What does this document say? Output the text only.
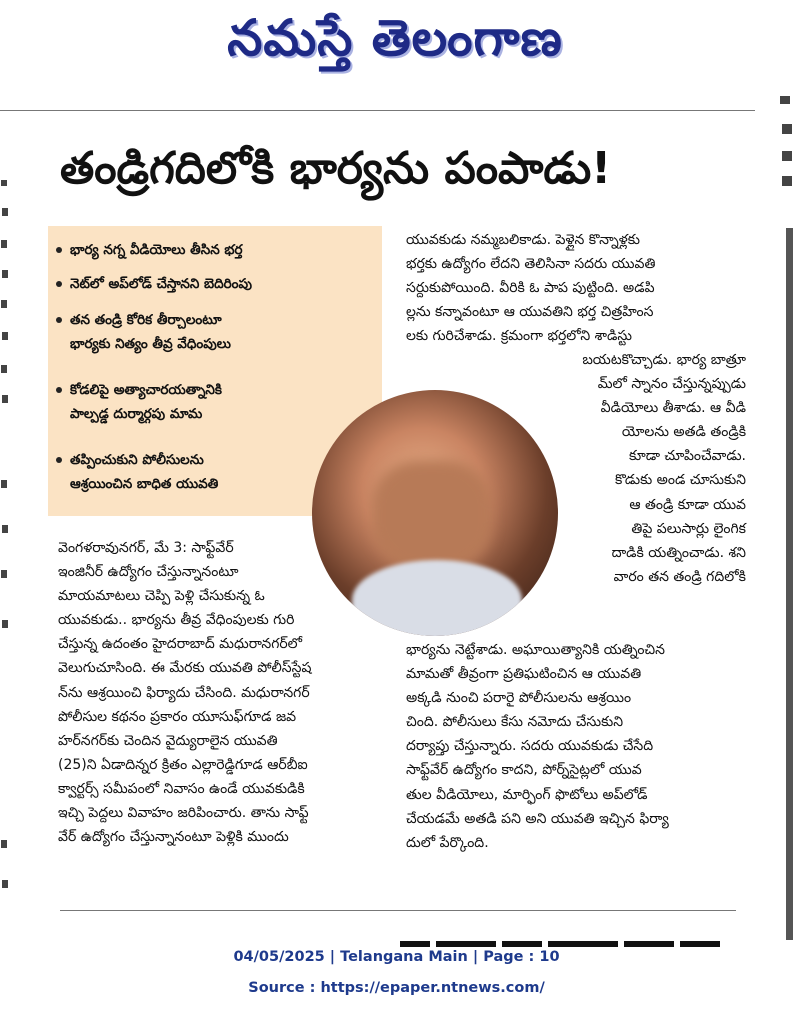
నమస్తే తెలంగాణ
తండ్రిగదిలోకి భార్యను పంపాడు!
భార్య నగ్న వీడియోలు తీసిన భర్త
నెట్‌లో అప్‌లోడ్ చేస్తానని బెదిరింపు
తన తండ్రి కోరిక తీర్చాలంటూ
భార్యకు నిత్యం తీవ్ర వేధింపులు
కోడలిపై అత్యాచారయత్నానికి
పాల్పడ్డ దుర్మార్గపు మామ
తప్పించుకుని పోలీసులను
ఆశ్రయించిన బాధిత యువతి

వెంగళరావునగర్, మే 3: సాఫ్ట్‌వేర్

ఇంజినీర్ ఉద్యోగం చేస్తున్నానంటూ

మాయమాటలు చెప్పి పెళ్లి చేసుకున్న ఓ

యువకుడు.. భార్యను తీవ్ర వేధింపులకు గురి

చేస్తున్న ఉదంతం హైదరాబాద్ మధురానగర్‌లో

వెలుగుచూసింది. ఈ మేరకు యువతి పోలీస్‌స్టేష

న్‌ను ఆశ్రయించి ఫిర్యాదు చేసింది. మధురానగర్

పోలీసుల కథనం ప్రకారం యూసుఫ్‌గూడ జవ

హర్‌నగర్‌కు చెందిన వైద్యురాలైన యువతి

(25)ని ఏడాదిన్నర క్రితం ఎల్లారెడ్డిగూడ ఆర్‌బీఐ

క్వార్టర్స్ సమీపంలో నివాసం ఉండే యువకుడికి

ఇచ్చి పెద్దలు వివాహం జరిపించారు. తాను సాఫ్ట్

వేర్ ఉద్యోగం చేస్తున్నానంటూ పెళ్లికి ముందు

యువకుడు నమ్మబలికాడు. పెళ్లైన కొన్నాళ్లకు

భర్తకు ఉద్యోగం లేదని తెలిసినా సదరు యువతి

సర్దుకుపోయింది. వీరికి ఓ పాప పుట్టింది. అడపి

ల్లను కన్నావంటూ ఆ యువతిని భర్త చిత్రహింస

లకు గురిచేశాడు. క్రమంగా భర్తలోని శాడిస్టు

బయటకొచ్చాడు. భార్య బాత్రూ

మ్‌లో స్నానం చేస్తున్నప్పుడు

వీడియోలు తీశాడు. ఆ వీడి

యోలను అతడి తండ్రికి

కూడా చూపించేవాడు.

కొడుకు అండ చూసుకుని

ఆ తండ్రి కూడా యువ

తిపై పలుసార్లు లైంగిక

దాడికి యత్నించాడు. శని

వారం తన తండ్రి గదిలోకి

భార్యను నెట్టేశాడు. అఘాయిత్యానికి యత్నించిన

మామతో తీవ్రంగా ప్రతిఘటించిన ఆ యువతి

అక్కడి నుంచి పరారై పోలీసులను ఆశ్రయిం

చింది. పోలీసులు కేసు నమోదు చేసుకుని

దర్యాప్తు చేస్తున్నారు. సదరు యువకుడు చేసేది

సాఫ్ట్‌వేర్ ఉద్యోగం కాదని, పోర్న్‌సైట్లలో యువ

తుల వీడియోలు, మార్ఫింగ్ ఫొటోలు అప్‌లోడ్

చేయడమే అతడి పని అని యువతి ఇచ్చిన ఫిర్యా

దులో పేర్కొంది.

04/05/2025 | Telangana Main | Page : 10
Source : https://epaper.ntnews.com/
